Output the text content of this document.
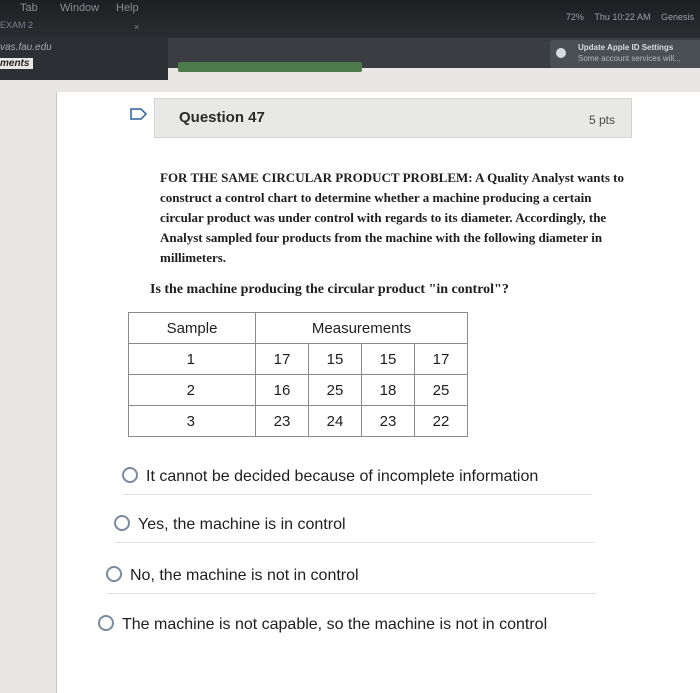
Tab Window Help
72% Thu 10:22 AM Genesis
EXAM 2	×
vas.fau.edu
ments
Update Apple ID Settings
Some account services will...
Question 47	5 pts
FOR THE SAME CIRCULAR PRODUCT PROBLEM: A Quality Analyst wants to construct a control chart to determine whether a machine producing a certain circular product was under control with regards to its diameter. Accordingly, the Analyst sampled four products from the machine with the following diameter in millimeters.
Is the machine producing the circular product "in control"?
Sample	Measurements			
1	17	15	15	17
2	16	25	18	25
3	23	24	23	22
It cannot be decided because of incomplete information
Yes, the machine is in control
No, the machine is not in control
The machine is not capable, so the machine is not in control
